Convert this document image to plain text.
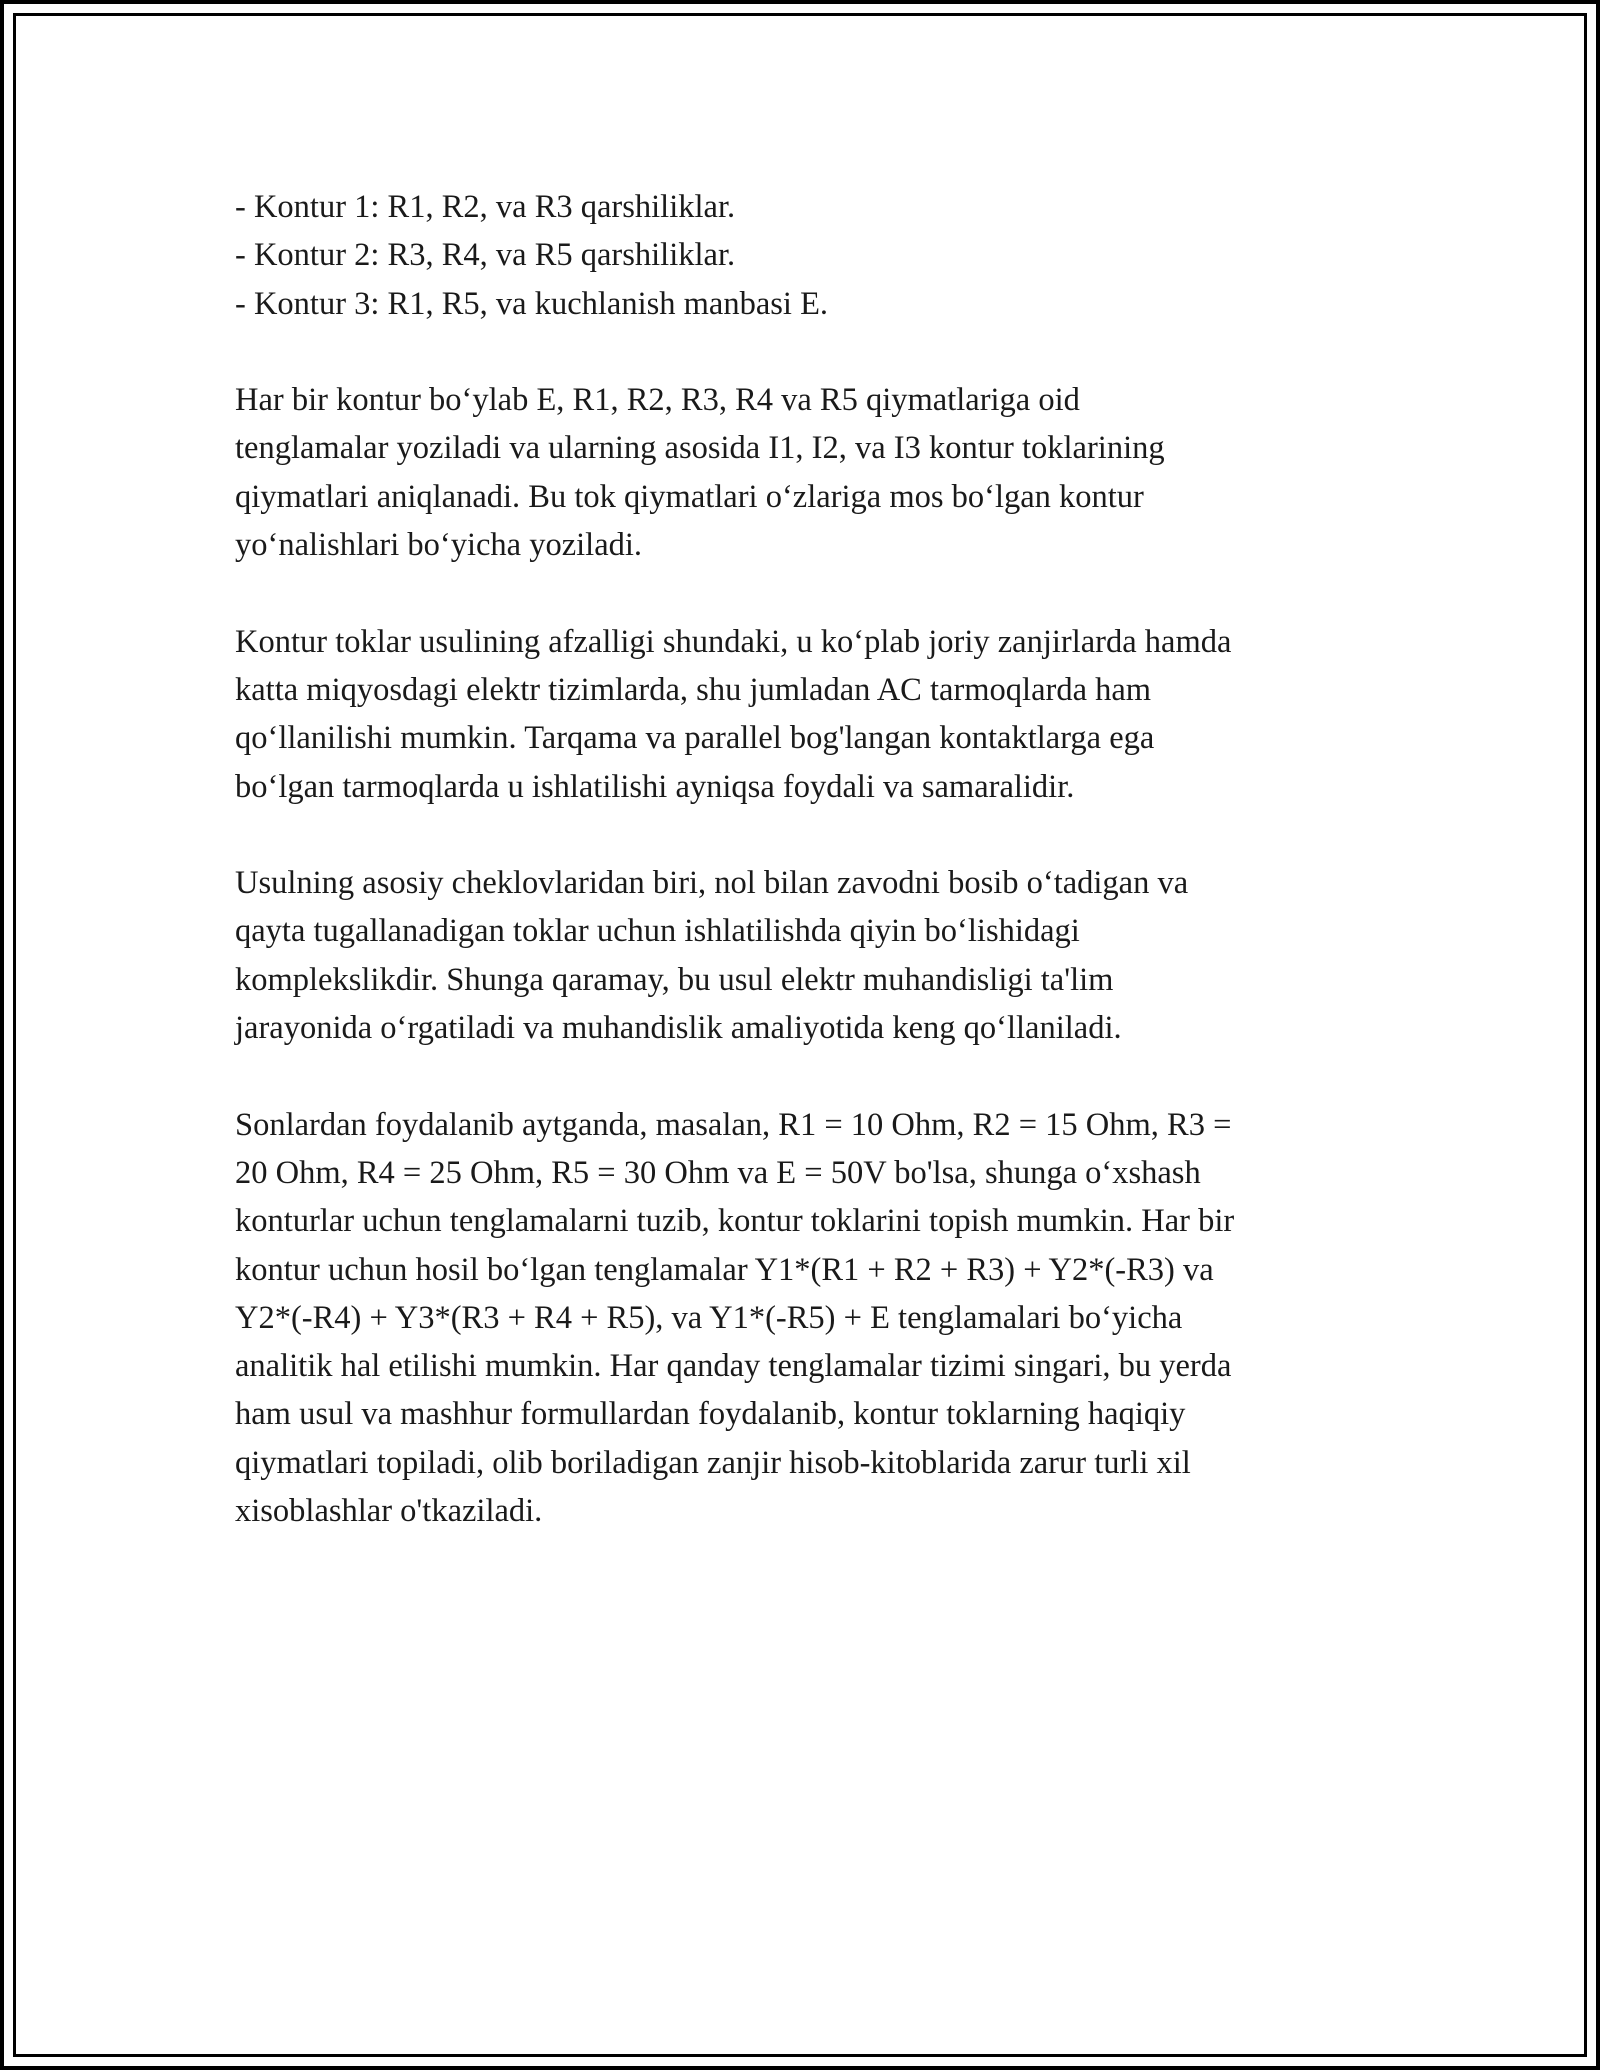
- Kontur 1: R1, R2, va R3 qarshiliklar.
- Kontur 2: R3, R4, va R5 qarshiliklar.
- Kontur 3: R1, R5, va kuchlanish manbasi E.

Har bir kontur bo‘ylab E, R1, R2, R3, R4 va R5 qiymatlariga oid
tenglamalar yoziladi va ularning asosida I1, I2, va I3 kontur toklarining
qiymatlari aniqlanadi. Bu tok qiymatlari o‘zlariga mos bo‘lgan kontur
yo‘nalishlari bo‘yicha yoziladi.

Kontur toklar usulining afzalligi shundaki, u ko‘plab joriy zanjirlarda hamda
katta miqyosdagi elektr tizimlarda, shu jumladan AC tarmoqlarda ham
qo‘llanilishi mumkin. Tarqama va parallel bog'langan kontaktlarga ega
bo‘lgan tarmoqlarda u ishlatilishi ayniqsa foydali va samaralidir.

Usulning asosiy cheklovlaridan biri, nol bilan zavodni bosib o‘tadigan va
qayta tugallanadigan toklar uchun ishlatilishda qiyin bo‘lishidagi
komplekslikdir. Shunga qaramay, bu usul elektr muhandisligi ta'lim
jarayonida o‘rgatiladi va muhandislik amaliyotida keng qo‘llaniladi.

Sonlardan foydalanib aytganda, masalan, R1 = 10 Ohm, R2 = 15 Ohm, R3 =
20 Ohm, R4 = 25 Ohm, R5 = 30 Ohm va E = 50V bo'lsa, shunga o‘xshash
konturlar uchun tenglamalarni tuzib, kontur toklarini topish mumkin. Har bir
kontur uchun hosil bo‘lgan tenglamalar Y1*(R1 + R2 + R3) + Y2*(-R3) va
Y2*(-R4) + Y3*(R3 + R4 + R5), va Y1*(-R5) + E tenglamalari bo‘yicha
analitik hal etilishi mumkin. Har qanday tenglamalar tizimi singari, bu yerda
ham usul va mashhur formullardan foydalanib, kontur toklarning haqiqiy
qiymatlari topiladi, olib boriladigan zanjir hisob-kitoblarida zarur turli xil
xisoblashlar o'tkaziladi.
